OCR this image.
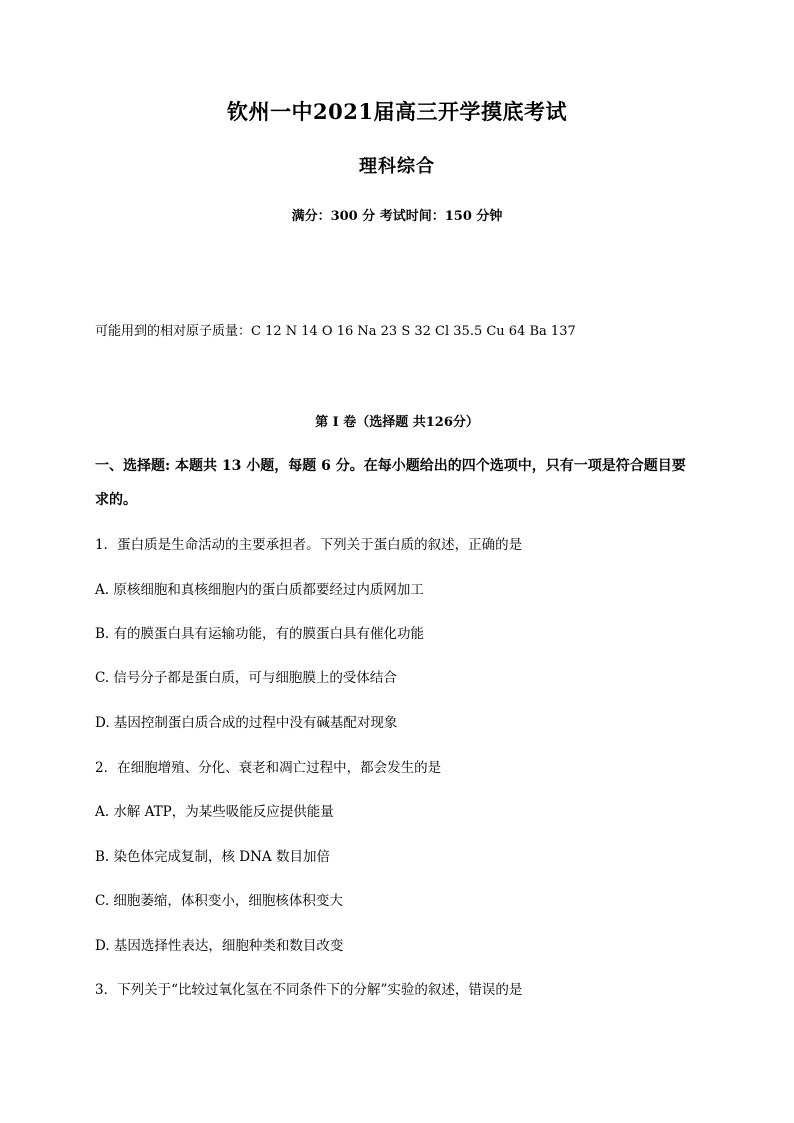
钦州一中2021届高三开学摸底考试
理科综合
满分：300 分 考试时间：150 分钟
可能用到的相对原子质量：C 12 N 14 O 16 Na 23 S 32 Cl 35.5 Cu 64 Ba 137
第 I 卷（选择题 共126分）
一、选择题: 本题共 13 小题，每题 6 分。在每小题给出的四个选项中，只有一项是符合题目要
求的。
1．蛋白质是生命活动的主要承担者。下列关于蛋白质的叙述，正确的是
A. 原核细胞和真核细胞内的蛋白质都要经过内质网加工
B. 有的膜蛋白具有运输功能，有的膜蛋白具有催化功能
C. 信号分子都是蛋白质，可与细胞膜上的受体结合
D. 基因控制蛋白质合成的过程中没有碱基配对现象
2．在细胞增殖、分化、衰老和凋亡过程中，都会发生的是
A. 水解 ATP，为某些吸能反应提供能量
B. 染色体完成复制，核 DNA 数目加倍
C. 细胞萎缩，体积变小，细胞核体积变大
D. 基因选择性表达，细胞种类和数目改变
3．下列关于“比较过氧化氢在不同条件下的分解”实验的叙述，错误的是
